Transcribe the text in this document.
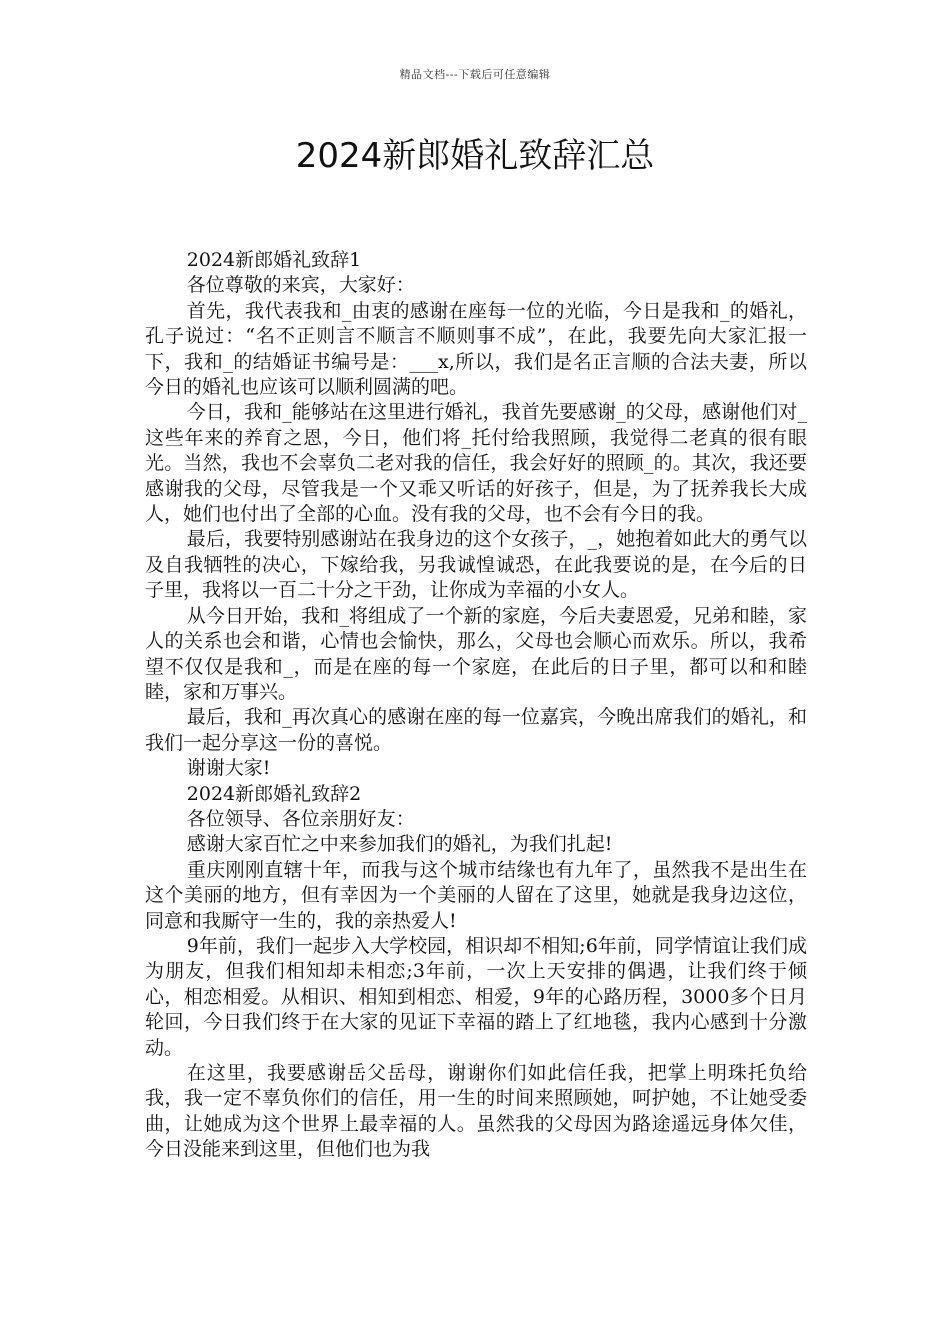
精品文档---下载后可任意编辑
2024新郎婚礼致辞汇总

2024新郎婚礼致辞1

各位尊敬的来宾，大家好：

首先，我代表我和_由衷的感谢在座每一位的光临，今日是我和_的婚礼，孔子说过：“名不正则言不顺言不顺则事不成”，在此，我要先向大家汇报一下，我和_的结婚证书编号是：___x,所以，我们是名正言顺的合法夫妻，所以今日的婚礼也应该可以顺利圆满的吧。

今日，我和_能够站在这里进行婚礼，我首先要感谢_的父母，感谢他们对_这些年来的养育之恩，今日，他们将_托付给我照顾，我觉得二老真的很有眼光。当然，我也不会辜负二老对我的信任，我会好好的照顾_的。其次，我还要感谢我的父母，尽管我是一个又乖又听话的好孩子，但是，为了抚养我长大成人，她们也付出了全部的心血。没有我的父母，也不会有今日的我。

最后，我要特别感谢站在我身边的这个女孩子，_，她抱着如此大的勇气以及自我牺牲的决心，下嫁给我，另我诚惶诚恐，在此我要说的是，在今后的日子里，我将以一百二十分之干劲，让你成为幸福的小女人。

从今日开始，我和_将组成了一个新的家庭，今后夫妻恩爱，兄弟和睦，家人的关系也会和谐，心情也会愉快，那么，父母也会顺心而欢乐。所以，我希望不仅仅是我和_，而是在座的每一个家庭，在此后的日子里，都可以和和睦睦，家和万事兴。

最后，我和_再次真心的感谢在座的每一位嘉宾，今晚出席我们的婚礼，和我们一起分享这一份的喜悦。

谢谢大家!

2024新郎婚礼致辞2

各位领导、各位亲朋好友：

感谢大家百忙之中来参加我们的婚礼，为我们扎起!

重庆刚刚直辖十年，而我与这个城市结缘也有九年了，虽然我不是出生在这个美丽的地方，但有幸因为一个美丽的人留在了这里，她就是我身边这位，同意和我厮守一生的，我的亲热爱人!

9年前，我们一起步入大学校园，相识却不相知;6年前，同学情谊让我们成为朋友，但我们相知却未相恋;3年前，一次上天安排的偶遇，让我们终于倾心，相恋相爱。从相识、相知到相恋、相爱，9年的心路历程，3000多个日月轮回，今日我们终于在大家的见证下幸福的踏上了红地毯，我内心感到十分激动。

在这里，我要感谢岳父岳母，谢谢你们如此信任我，把掌上明珠托负给我，我一定不辜负你们的信任，用一生的时间来照顾她，呵护她，不让她受委曲，让她成为这个世界上最幸福的人。虽然我的父母因为路途遥远身体欠佳，今日没能来到这里，但他们也为我
